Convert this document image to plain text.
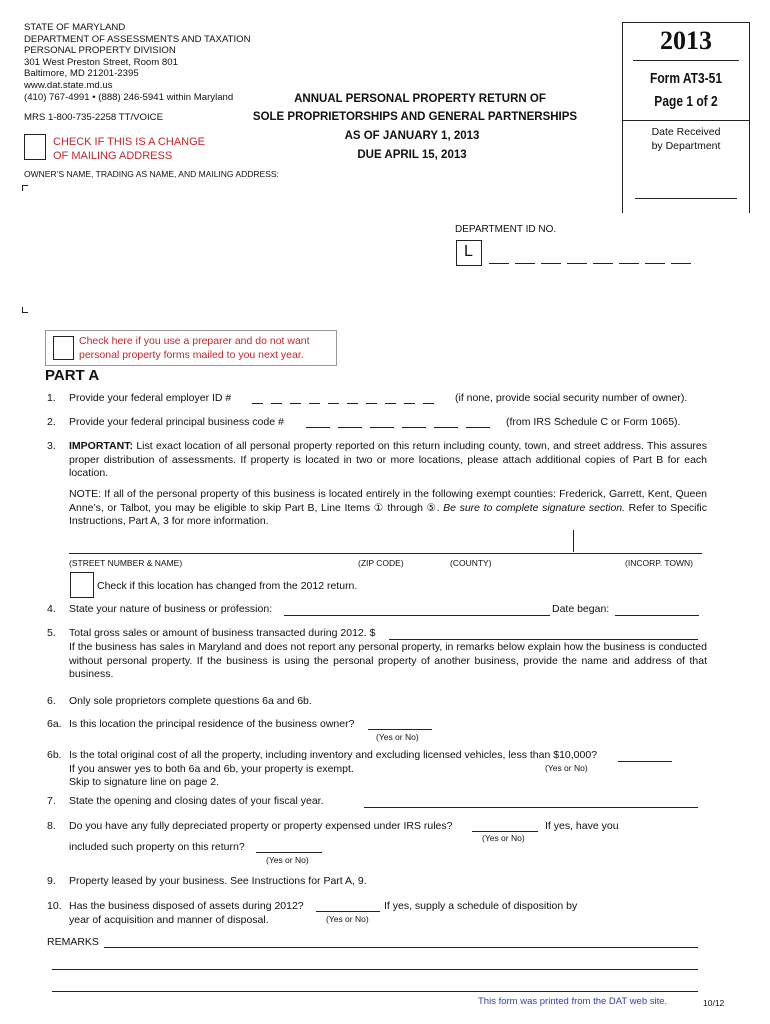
STATE OF MARYLAND
DEPARTMENT OF ASSESSMENTS AND TAXATION
PERSONAL PROPERTY DIVISION
301 West Preston Street, Room 801
Baltimore, MD 21201-2395
www.dat.state.md.us
(410) 767-4991 • (888) 246-5941 within Maryland
MRS 1-800-735-2258 TT/VOICE
ANNUAL PERSONAL PROPERTY RETURN OF
SOLE PROPRIETORSHIPS AND GENERAL PARTNERSHIPS
AS OF JANUARY 1, 2013
DUE APRIL 15, 2013
2013
Form AT3-51
Page 1 of 2
Date Received
by Department
CHECK IF THIS IS A CHANGE
OF MAILING ADDRESS
OWNER’S NAME, TRADING AS NAME, AND MAILING ADDRESS:
DEPARTMENT ID NO.
L
Check here if you use a preparer and do not want
personal property forms mailed to you next year.
PART A
1.	Provide your federal employer ID #	(if none, provide social security number of owner).
2.	Provide your federal principal business code #	(from IRS Schedule C or Form 1065).
3.	IMPORTANT: List exact location of all personal property reported on this return including county, town, and street address. This assures proper distribution of assessments. If property is located in two or more locations, please attach additional copies of Part B for each location.
NOTE: If all of the personal property of this business is located entirely in the following exempt counties: Frederick, Garrett, Kent, Queen Anne’s, or Talbot, you may be eligible to skip Part B, Line Items ① through ⑤. Be sure to complete signature section. Refer to Specific Instructions, Part A, 3 for more information.
(STREET NUMBER & NAME)	(ZIP CODE)	(COUNTY)	(INCORP. TOWN)
Check if this location has changed from the 2012 return.
4.	State your nature of business or profession:	Date began:
5.	Total gross sales or amount of business transacted during 2012. $
If the business has sales in Maryland and does not report any personal property, in remarks below explain how the business is conducted without personal property. If the business is using the personal property of another business, provide the name and address of that business.
6.	Only sole proprietors complete questions 6a and 6b.
6a. Is this location the principal residence of the business owner?
(Yes or No)
6b. Is the total original cost of all the property, including inventory and excluding licensed vehicles, less than $10,000?
(Yes or No)
If you answer yes to both 6a and 6b, your property is exempt.
Skip to signature line on page 2.
7.	State the opening and closing dates of your fiscal year.
8.	Do you have any fully depreciated property or property expensed under IRS rules?
(Yes or No)
If yes, have you
included such property on this return?
(Yes or No)
9.	Property leased by your business. See Instructions for Part A, 9.
10. Has the business disposed of assets during 2012?	If yes, supply a schedule of disposition by
year of acquisition and manner of disposal.	(Yes or No)
REMARKS
This form was printed from the DAT web site.	10/12
